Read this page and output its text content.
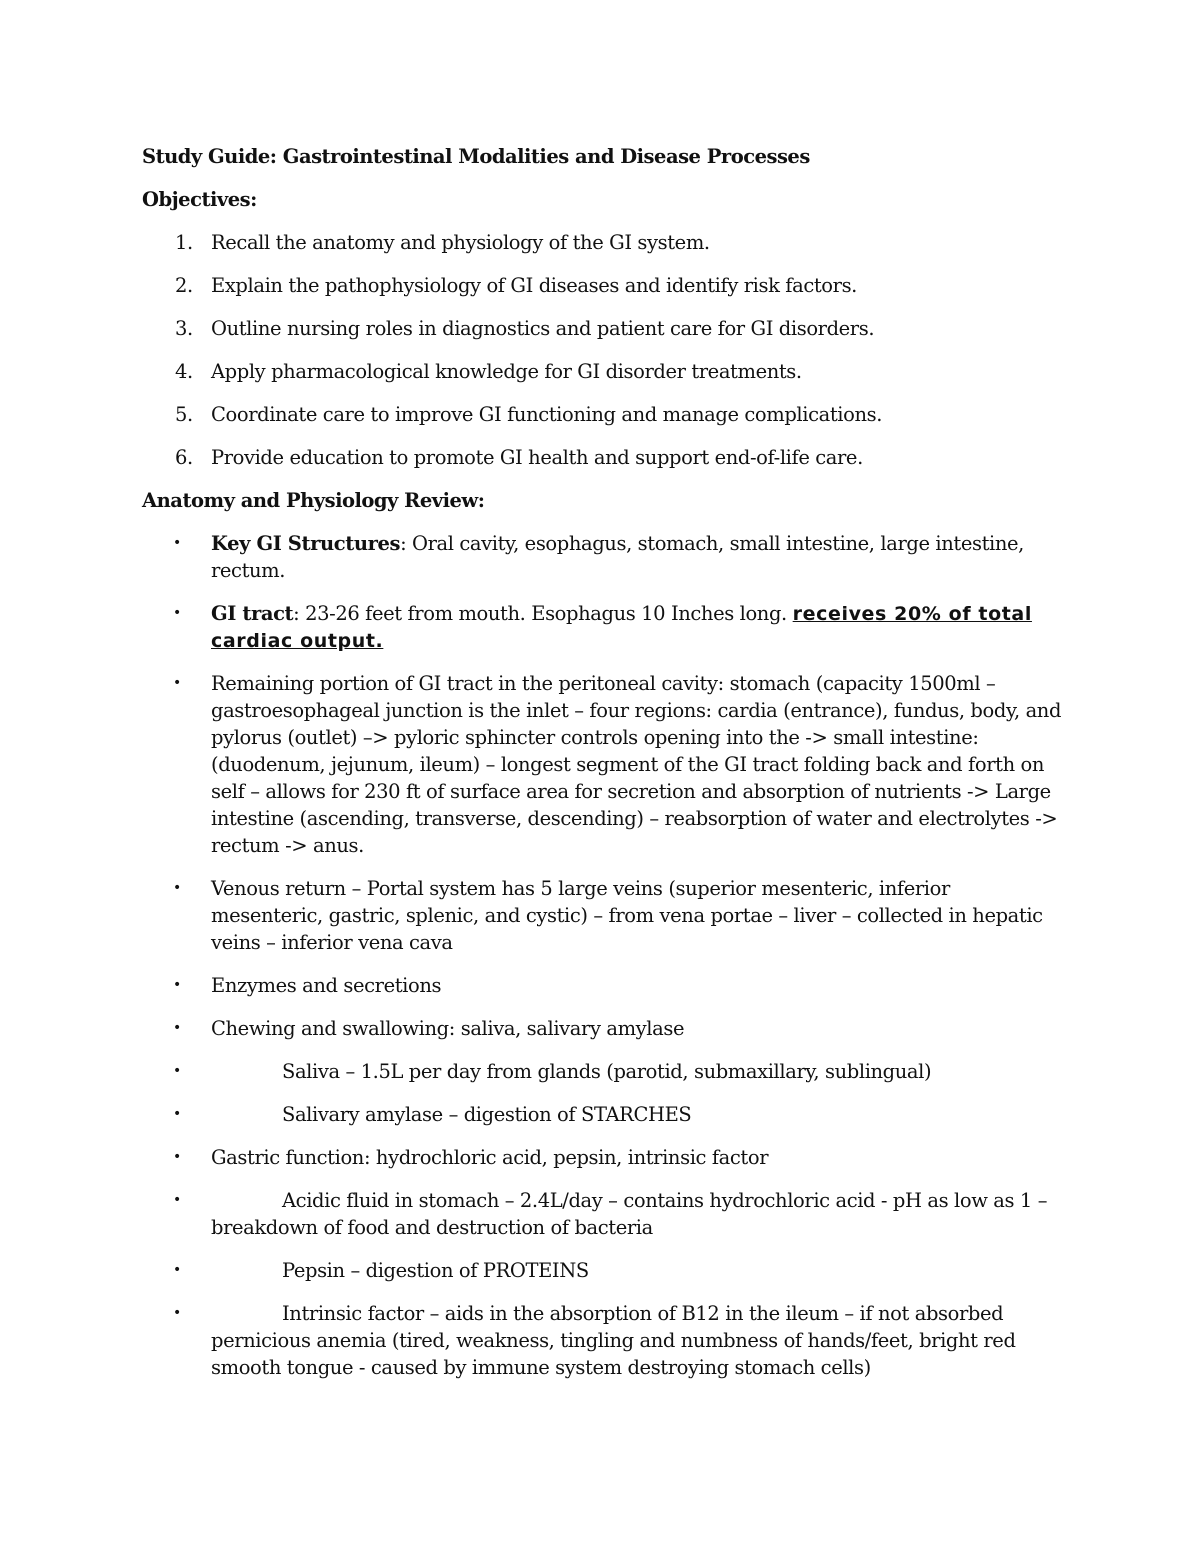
Study Guide: Gastrointestinal Modalities and Disease Processes
Objectives:
1. Recall the anatomy and physiology of the GI system.
2. Explain the pathophysiology of GI diseases and identify risk factors.
3. Outline nursing roles in diagnostics and patient care for GI disorders.
4. Apply pharmacological knowledge for GI disorder treatments.
5. Coordinate care to improve GI functioning and manage complications.
6. Provide education to promote GI health and support end-of-life care.
Anatomy and Physiology Review:
• Key GI Structures: Oral cavity, esophagus, stomach, small intestine, large intestine, rectum.
• GI tract: 23-26 feet from mouth. Esophagus 10 Inches long. receives 20% of total cardiac output.
• Remaining portion of GI tract in the peritoneal cavity: stomach (capacity 1500ml – gastroesophageal junction is the inlet – four regions: cardia (entrance), fundus, body, and pylorus (outlet) –> pyloric sphincter controls opening into the -> small intestine: (duodenum, jejunum, ileum) – longest segment of the GI tract folding back and forth on self – allows for 230 ft of surface area for secretion and absorption of nutrients -> Large intestine (ascending, transverse, descending) – reabsorption of water and electrolytes -> rectum -> anus.
• Venous return – Portal system has 5 large veins (superior mesenteric, inferior mesenteric, gastric, splenic, and cystic) – from vena portae – liver – collected in hepatic veins – inferior vena cava
• Enzymes and secretions
• Chewing and swallowing: saliva, salivary amylase
•	Saliva – 1.5L per day from glands (parotid, submaxillary, sublingual)
•	Salivary amylase – digestion of STARCHES
• Gastric function: hydrochloric acid, pepsin, intrinsic factor
•	Acidic fluid in stomach – 2.4L/day – contains hydrochloric acid - pH as low as 1 – breakdown of food and destruction of bacteria
•	Pepsin – digestion of PROTEINS
•	Intrinsic factor – aids in the absorption of B12 in the ileum – if not absorbed pernicious anemia (tired, weakness, tingling and numbness of hands/feet, bright red smooth tongue - caused by immune system destroying stomach cells)
